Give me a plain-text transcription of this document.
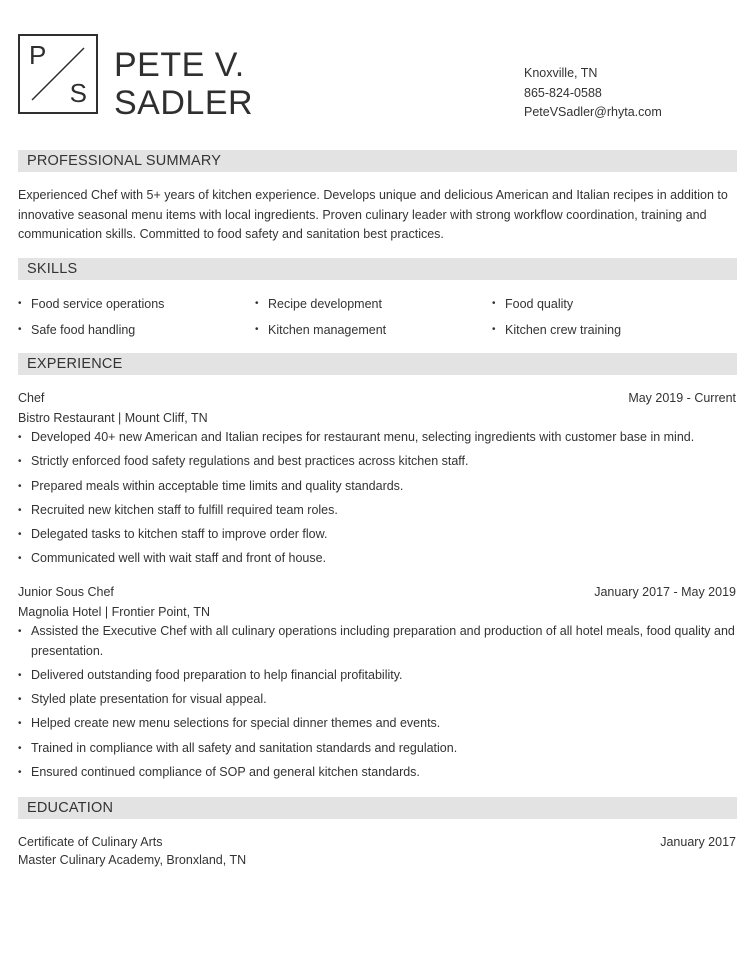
P
S
PETE V.
SADLER
Knoxville, TN
865-824-0588
PeteVSadler@rhyta.com
PROFESSIONAL SUMMARY
Experienced Chef with 5+ years of kitchen experience. Develops unique and delicious American and Italian recipes in addition to innovative seasonal menu items with local ingredients. Proven culinary leader with strong workflow coordination, training and communication skills. Committed to food safety and sanitation best practices.
SKILLS
• Food service operations	• Recipe development	• Food quality
• Safe food handling	• Kitchen management	• Kitchen crew training
EXPERIENCE
Chef	May 2019 - Current
Bistro Restaurant | Mount Cliff, TN
• Developed 40+ new American and Italian recipes for restaurant menu, selecting ingredients with customer base in mind.
• Strictly enforced food safety regulations and best practices across kitchen staff.
• Prepared meals within acceptable time limits and quality standards.
• Recruited new kitchen staff to fulfill required team roles.
• Delegated tasks to kitchen staff to improve order flow.
• Communicated well with wait staff and front of house.
Junior Sous Chef	January 2017 - May 2019
Magnolia Hotel | Frontier Point, TN
• Assisted the Executive Chef with all culinary operations including preparation and production of all hotel meals, food quality and presentation.
• Delivered outstanding food preparation to help financial profitability.
• Styled plate presentation for visual appeal.
• Helped create new menu selections for special dinner themes and events.
• Trained in compliance with all safety and sanitation standards and regulation.
• Ensured continued compliance of SOP and general kitchen standards.
EDUCATION
Certificate of Culinary Arts	January 2017
Master Culinary Academy, Bronxland, TN
